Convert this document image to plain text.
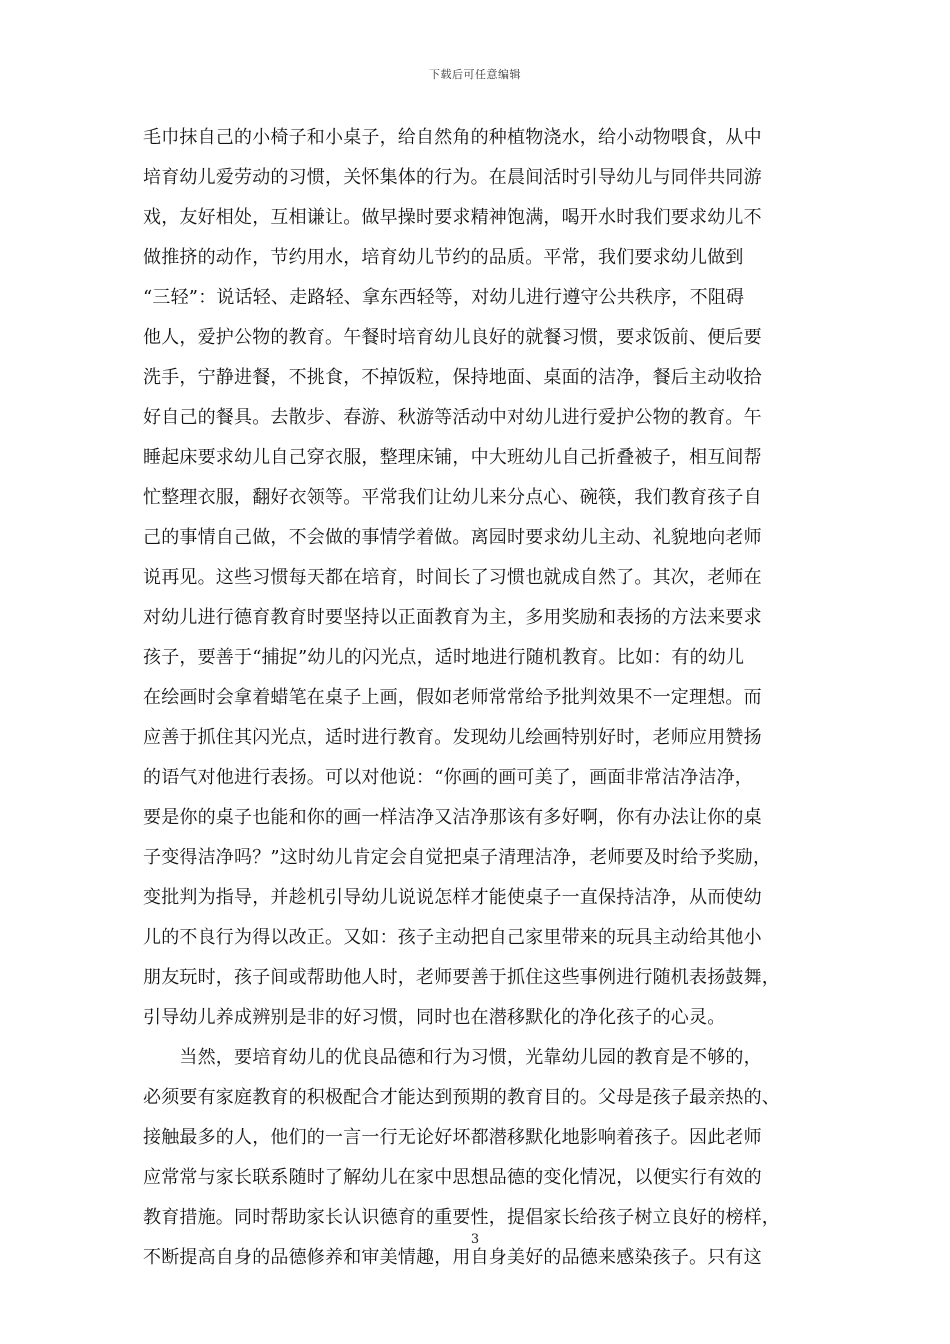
下载后可任意编辑
毛巾抹自己的小椅子和小桌子，给自然角的种植物浇水，给小动物喂食，从中
培育幼儿爱劳动的习惯，关怀集体的行为。在晨间活时引导幼儿与同伴共同游
戏，友好相处，互相谦让。做早操时要求精神饱满，喝开水时我们要求幼儿不
做推挤的动作，节约用水，培育幼儿节约的品质。平常，我们要求幼儿做到
“三轻”：说话轻、走路轻、拿东西轻等，对幼儿进行遵守公共秩序，不阻碍
他人，爱护公物的教育。午餐时培育幼儿良好的就餐习惯，要求饭前、便后要
洗手，宁静进餐，不挑食，不掉饭粒，保持地面、桌面的洁净，餐后主动收拾
好自己的餐具。去散步、春游、秋游等活动中对幼儿进行爱护公物的教育。午
睡起床要求幼儿自己穿衣服，整理床铺，中大班幼儿自己折叠被子，相互间帮
忙整理衣服，翻好衣领等。平常我们让幼儿来分点心、碗筷，我们教育孩子自
己的事情自己做，不会做的事情学着做。离园时要求幼儿主动、礼貌地向老师
说再见。这些习惯每天都在培育，时间长了习惯也就成自然了。其次，老师在
对幼儿进行德育教育时要坚持以正面教育为主，多用奖励和表扬的方法来要求
孩子，要善于“捕捉”幼儿的闪光点，适时地进行随机教育。比如：有的幼儿
在绘画时会拿着蜡笔在桌子上画，假如老师常常给予批判效果不一定理想。而
应善于抓住其闪光点，适时进行教育。发现幼儿绘画特别好时，老师应用赞扬
的语气对他进行表扬。可以对他说：“你画的画可美了，画面非常洁净洁净，
要是你的桌子也能和你的画一样洁净又洁净那该有多好啊，你有办法让你的桌
子变得洁净吗？”这时幼儿肯定会自觉把桌子清理洁净，老师要及时给予奖励，
变批判为指导，并趁机引导幼儿说说怎样才能使桌子一直保持洁净，从而使幼
儿的不良行为得以改正。又如：孩子主动把自己家里带来的玩具主动给其他小
朋友玩时，孩子间或帮助他人时，老师要善于抓住这些事例进行随机表扬鼓舞，
引导幼儿养成辨别是非的好习惯，同时也在潜移默化的净化孩子的心灵。
　　当然，要培育幼儿的优良品德和行为习惯，光靠幼儿园的教育是不够的，
必须要有家庭教育的积极配合才能达到预期的教育目的。父母是孩子最亲热的、
接触最多的人，他们的一言一行无论好坏都潜移默化地影响着孩子。因此老师
应常常与家长联系随时了解幼儿在家中思想品德的变化情况，以便实行有效的
教育措施。同时帮助家长认识德育的重要性，提倡家长给孩子树立良好的榜样，
不断提高自身的品德修养和审美情趣，用自身美好的品德来感染孩子。只有这
3
